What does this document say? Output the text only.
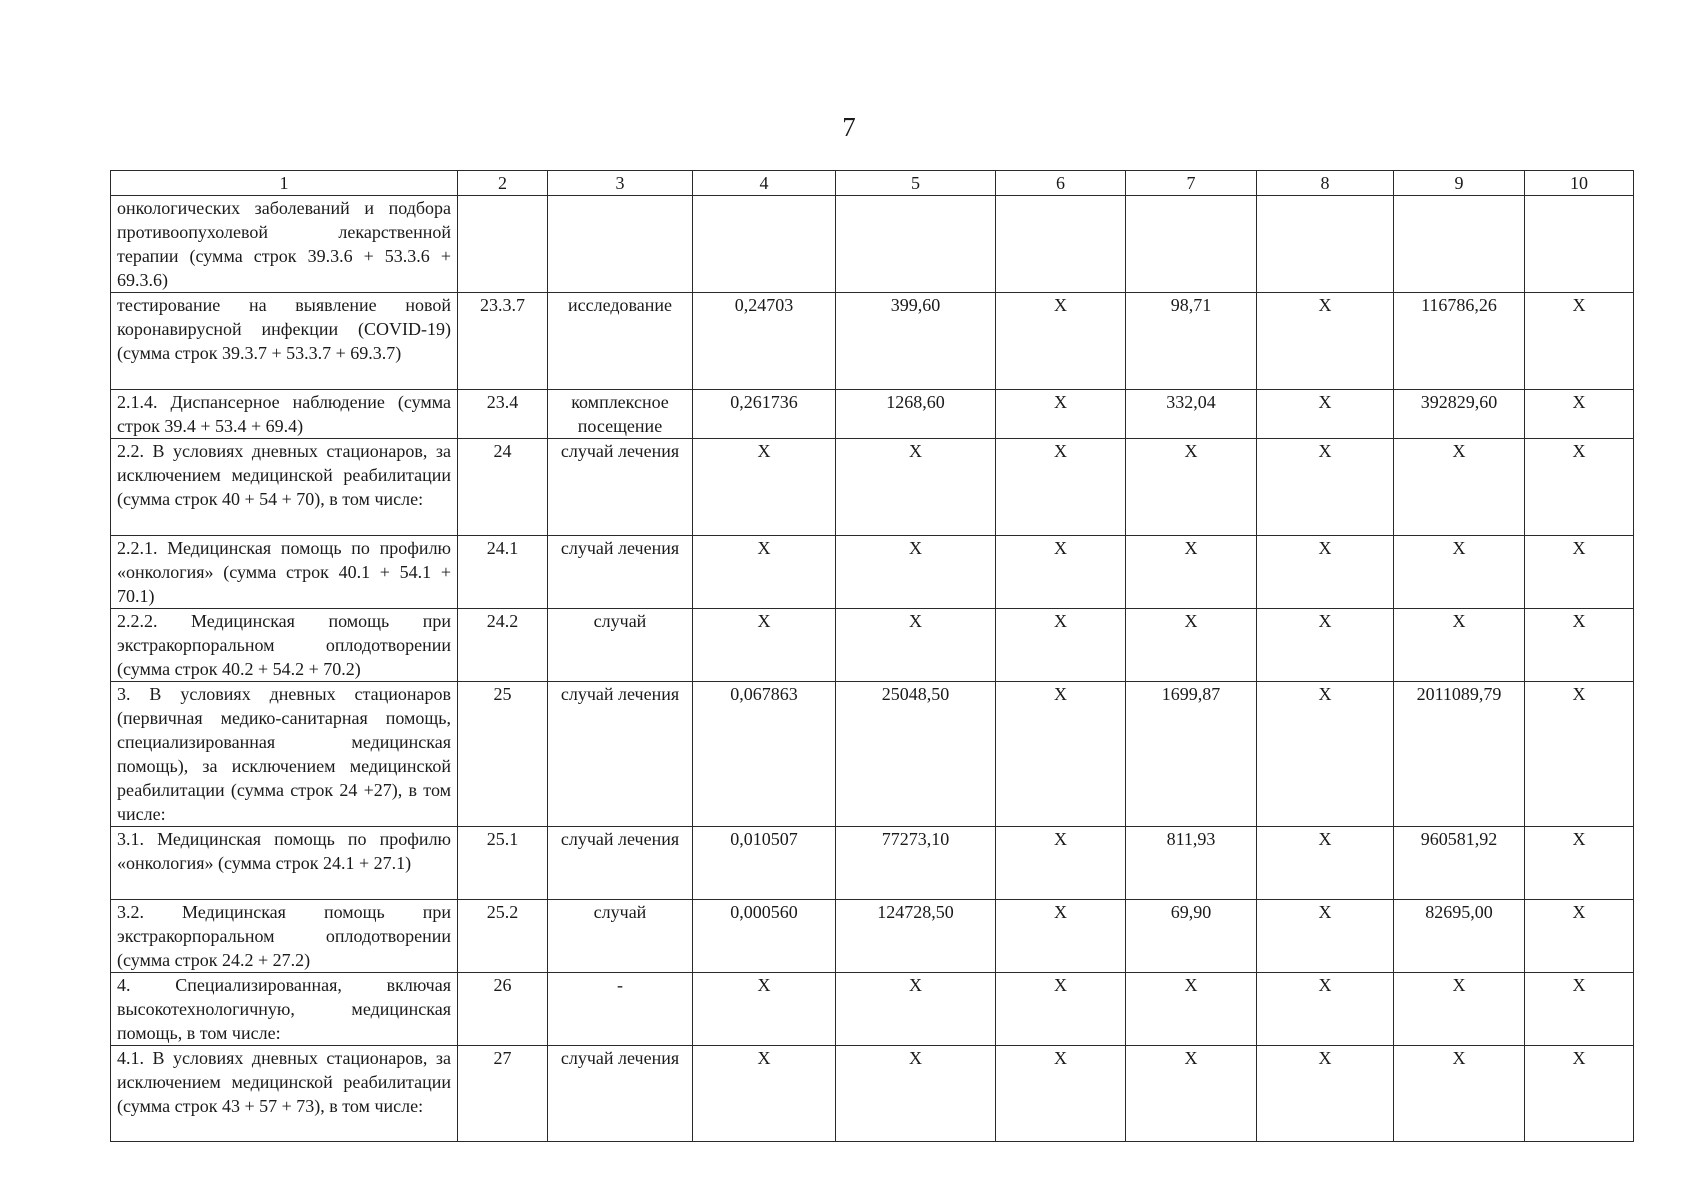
7
1	2	3	4	5	6	7	8	9	10
онкологических заболеваний и подбора противоопухолевой лекарственной терапии (сумма строк 39.3.6 + 53.3.6 + 69.3.6)									
тестирование на выявление новой коронавирусной инфекции (COVID-19) (сумма строк 39.3.7 + 53.3.7 + 69.3.7)	23.3.7	исследование	0,24703	399,60	X	98,71	X	116786,26	X
2.1.4. Диспансерное наблюдение (сумма строк 39.4 + 53.4 + 69.4)	23.4	комплексное посещение	0,261736	1268,60	X	332,04	X	392829,60	X
2.2. В условиях дневных стационаров, за исключением медицинской реабилитации (сумма строк 40 + 54 + 70), в том числе:	24	случай лечения	X	X	X	X	X	X	X
2.2.1. Медицинская помощь по профилю «онкология» (сумма строк 40.1 + 54.1 + 70.1)	24.1	случай лечения	X	X	X	X	X	X	X
2.2.2. Медицинская помощь при экстракорпоральном оплодотворении (сумма строк 40.2 + 54.2 + 70.2)	24.2	случай	X	X	X	X	X	X	X
3. В условиях дневных стационаров (первичная медико-санитарная помощь, специализированная медицинская помощь), за исключением медицинской реабилитации (сумма строк 24 +27), в том числе:	25	случай лечения	0,067863	25048,50	X	1699,87	X	2011089,79	X
3.1. Медицинская помощь по профилю «онкология» (сумма строк 24.1 + 27.1)	25.1	случай лечения	0,010507	77273,10	X	811,93	X	960581,92	X
3.2. Медицинская помощь при экстракорпоральном оплодотворении (сумма строк 24.2 + 27.2)	25.2	случай	0,000560	124728,50	X	69,90	X	82695,00	X
4. Специализированная, включая высокотехнологичную, медицинская помощь, в том числе:	26	-	X	X	X	X	X	X	X
4.1. В условиях дневных стационаров, за исключением медицинской реабилитации (сумма строк 43 + 57 + 73), в том числе:	27	случай лечения	X	X	X	X	X	X	X
